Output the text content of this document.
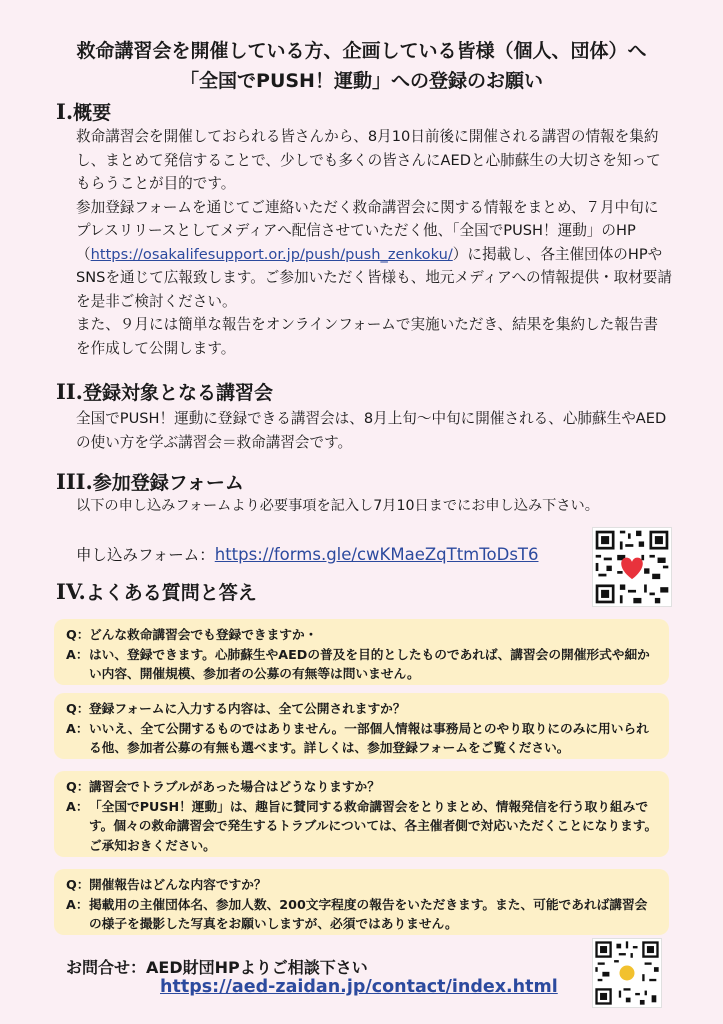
救命講習会を開催している方、企画している皆様（個人、団体）へ
「全国でPUSH！運動」への登録のお願い
I.概要

救命講習会を開催しておられる皆さんから、8月10日前後に開催される講習の情報を集約し、まとめて発信することで、少しでも多くの皆さんにAEDと心肺蘇生の大切さを知ってもらうことが目的です。

参加登録フォームを通じてご連絡いただく救命講習会に関する情報をまとめ、７月中旬にプレスリリースとしてメディアへ配信させていただく他、「全国でPUSH！運動」のHP（https://osakalifesupport.or.jp/push/push_zenkoku/）に掲載し、各主催団体のHPやSNSを通じて広報致します。ご参加いただく皆様も、地元メディアへの情報提供・取材要請を是非ご検討ください。

また、９月には簡単な報告をオンラインフォームで実施いただき、結果を集約した報告書を作成して公開します。

II.登録対象となる講習会

全国でPUSH！運動に登録できる講習会は、8月上旬～中旬に開催される、心肺蘇生やAEDの使い方を学ぶ講習会＝救命講習会です。

III.参加登録フォーム

以下の申し込みフォームより必要事項を記入し7月10日までにお申し込み下さい。

申し込みフォーム：https://forms.gle/cwKMaeZqTtmToDsT6
IV.よくある質問と答え
Q： どんな救命講習会でも登録できますか・
A： はい、登録できます。心肺蘇生やAEDの普及を目的としたものであれば、講習会の開催形式や細かい内容、開催規模、参加者の公募の有無等は問いません。
Q： 登録フォームに入力する内容は、全て公開されますか？
A： いいえ、全て公開するものではありません。一部個人情報は事務局とのやり取りにのみに用いられる他、参加者公募の有無も選べます。詳しくは、参加登録フォームをご覧ください。
Q： 講習会でトラブルがあった場合はどうなりますか？
A： 「全国でPUSH！運動」は、趣旨に賛同する救命講習会をとりまとめ、情報発信を行う取り組みです。個々の救命講習会で発生するトラブルについては、各主催者側で対応いただくことになります。ご承知おきください。
Q： 開催報告はどんな内容ですか？
A： 掲載用の主催団体名、参加人数、200文字程度の報告をいただきます。また、可能であれば講習会の様子を撮影した写真をお願いしますが、必須ではありません。
お問合せ：AED財団HPよりご相談下さい
https://aed-zaidan.jp/contact/index.html
